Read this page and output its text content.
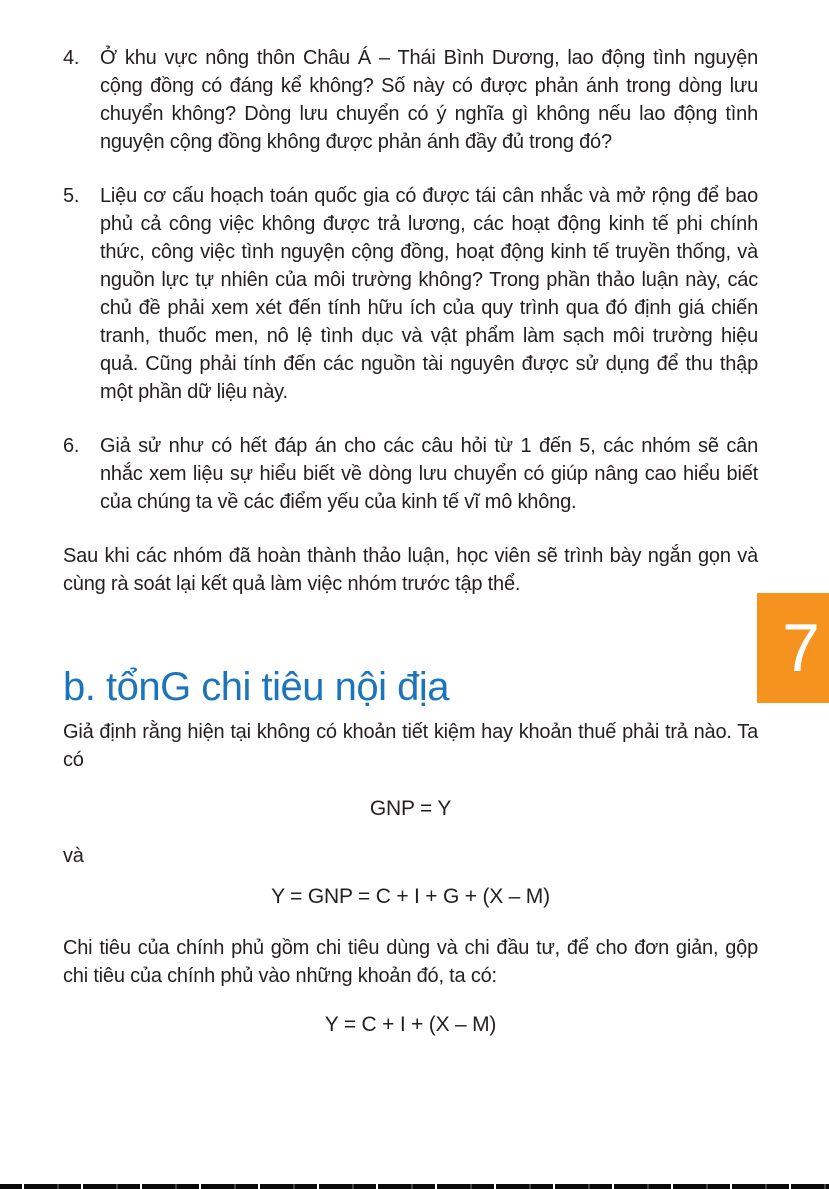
4.	Ở khu vực nông thôn Châu Á – Thái Bình Dương, lao động tình nguyện cộng đồng có đáng kể không? Số này có được phản ánh trong dòng lưu chuyển không? Dòng lưu chuyển có ý nghĩa gì không nếu lao động tình nguyện cộng đồng không được phản ánh đầy đủ trong đó?
5.	Liệu cơ cấu hoạch toán quốc gia có được tái cân nhắc và mở rộng để bao phủ cả công việc không được trả lương, các hoạt động kinh tế phi chính thức, công việc tình nguyện cộng đồng, hoạt động kinh tế truyền thống, và nguồn lực tự nhiên của môi trường không? Trong phần thảo luận này, các chủ đề phải xem xét đến tính hữu ích của quy trình qua đó định giá chiến tranh, thuốc men, nô lệ tình dục và vật phẩm làm sạch môi trường hiệu quả. Cũng phải tính đến các nguồn tài nguyên được sử dụng để thu thập một phần dữ liệu này.
6.	Giả sử như có hết đáp án cho các câu hỏi từ 1 đến 5, các nhóm sẽ cân nhắc xem liệu sự hiểu biết về dòng lưu chuyển có giúp nâng cao hiểu biết của chúng ta về các điểm yếu của kinh tế vĩ mô không.

Sau khi các nhóm đã hoàn thành thảo luận, học viên sẽ trình bày ngắn gọn và cùng rà soát lại kết quả làm việc nhóm trước tập thể.

b. tổnG chi tiêu nội địa

Giả định rằng hiện tại không có khoản tiết kiệm hay khoản thuế phải trả nào. Ta có

GNP = Y

và

Y = GNP = C + I + G + (X – M)

Chi tiêu của chính phủ gồm chi tiêu dùng và chi đầu tư, để cho đơn giản, gộp chi tiêu của chính phủ vào những khoản đó, ta có:

Y = C + I + (X – M)
7
